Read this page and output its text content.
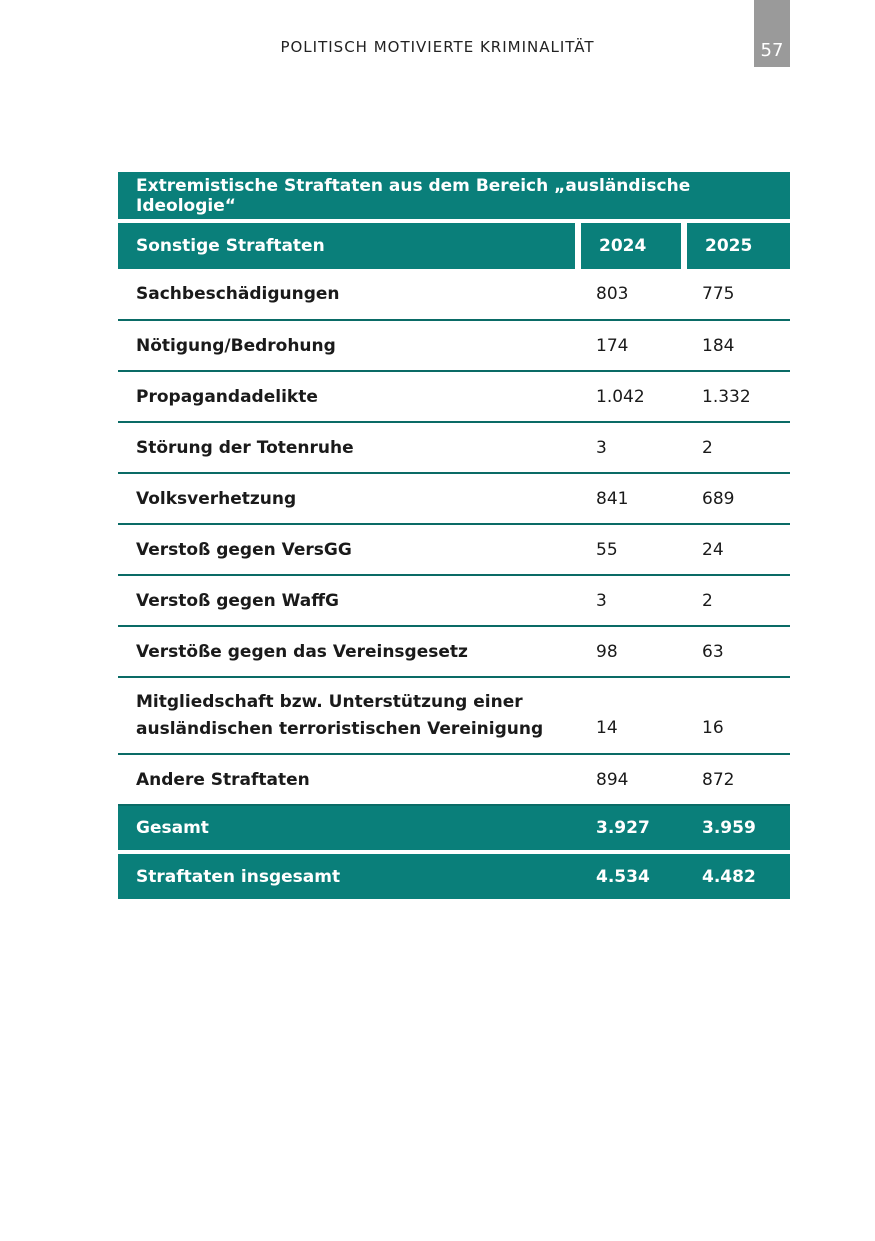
POLITISCH MOTIVIERTE KRIMINALITÄT	57
Extremistische Straftaten aus dem Bereich „ausländische Ideologie“		
Sonstige Straftaten	2024	2025
Sachbeschädigungen	803	775
Nötigung/Bedrohung	174	184
Propagandadelikte	1.042	1.332
Störung der Totenruhe	3	2
Volksverhetzung	841	689
Verstoß gegen VersGG	55	24
Verstoß gegen WaffG	3	2
Verstöße gegen das Vereinsgesetz	98	63
Mitgliedschaft bzw. Unterstützung einer
ausländischen terroristischen Vereinigung	14	16
Andere Straftaten	894	872
Gesamt	3.927	3.959
Straftaten insgesamt	4.534	4.482
